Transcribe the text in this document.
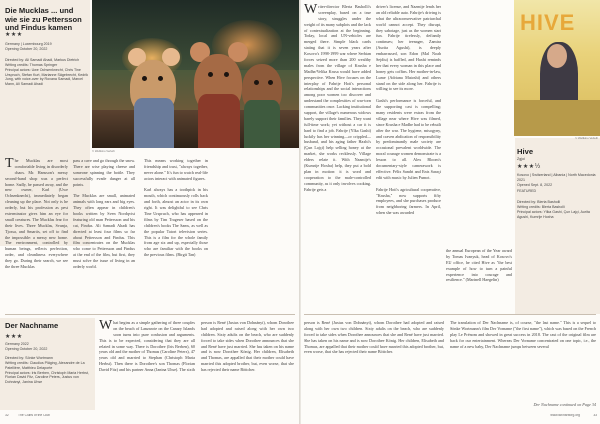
Die Mucklas ... und wie sie zu Pettersson und Findus kamen
★★★
Germany | Luxembourg 2019
Opening October 20, 2022
Directed by: Ali Samadi Ahadi, Markus Dietrich
Writing credits: Thomas Springer
Principal actors: Uwe Ochsenknecht, Chris Tine Urspruch, Stefan Kurt, Marianne Sägebrecht, Kedrik Jung, with voice-over by Roxana Samadi, Marcel Mann, Ali Samadi Ahadi
© Weltkino Verleih
The Mucklas are most comfortable living in disorderly chaos. Mr. Hansson's messy second-hand shop was a perfect home. Sadly, he passed away, and the new owner, Karl (Uwe Ochsenknecht), immediately began cleaning up the place. Not only is he orderly, but his profession as pest exterminator gives him an eye for small creatures. The Mucklas fear for their lives. Three Mucklas, Svunja, Tjossa, and Smartis, set off to find the impossible: a messy new home. The environment, controlled by human beings, reflects perfection, order, and cleanliness everywhere they go. During their search, we see the three Mucklas
pass a cave and go through the snow. There are wise playing cheese and someone spinning the bottle. They successfully evade danger at all points.

The Mucklas are small, animated animals with long ears and big eyes. They often appear in children's books written by Sven Nordqvist featuring old man Pettersson and his cat, Findus. Ali Samadi Ahadi has directed at least four films so far about Pettersson and Findus. This film concentrates on the Mucklas who come to Pettersson and Findus at the end of the film, but first, they must solve the issue of living in an orderly world.
This means working together in friendship and trust, "always together, never alone." It's fun to watch real-life actors interact with animated figures.

Karl always has a toothpick in his mouth, which continuously rolls back and forth, almost an actor in its own right. It was delightful to see Chris Tine Urspruch, who has appeared in films by Tim Trageser based on the children's books The Sams, as well as the popular Tatort television series. This is a film for the whole family from age six and up, especially those who are familiar with the books on the previous films. (Birgit Tan)
Der Nachname
★★★
Germany 2022
Opening October 20, 2022
Directed by: Sönke Wortmann
Writing credits: Claudius Pläging, Alexandre de La Patellière, Matthieu Delaporte
Principal actors: Iris Berben, Christoph Maria Herbst, Florian David Fitz, Caroline Peters, Justus von Dohnányi, Janina Uhse
What begins as a simple gathering of three couples on the beach of Lanzarote on the Canary Islands soon turns into pure confusion and arguments. This is to be expected, considering that they are all related in some way. There is Dorothee (Iris Berben), 60 years old and the mother of Thomas (Caroline Peters), 47 years old and married to Stephan (Christoph Maria Herbst). Then there is Dorothee's son Thomas (Florian David Fitz) and his partner Anna (Janina Uhse). The sixth
person is René (Justus von Dohnányi), whom Dorothee had adopted and raised along with her own two children. Sixty adults on the beach, who are suddenly forced to take sides when Dorothee announces that she and René have just married. She has taken on his name and is now Dorothee König. Her children, Elisabeth and Thomas, are appalled that their mother could have married this adopted brother, but, even worse, that she has rejected their name Böttcher.
32	The Clubs of the Club
Writer-director Blerta Basholli's screenplay, based on a true story, struggles under the weight of its many subplots and the lack of contextualization at the beginning. Today, local and UN-vehicles are merged there. Simple black cards stating that it is seven years after Kosovo's 1998-1999 war where Serbian forces seized more than 200 wealthy males from the village of Krusha e Madhe/Velika Krusa would have added perspective. When Hive focuses on the interplay of Fahrije Hoti's personal relationships and the social interactions among poor women too discover and understand the complexities of war-torn communities once. Lacking institutional support, the village's numerous widows barely support their families. They want full-time work; yet without a car it is hard to find a job. Fahrije (Ylka Gashi) luckily has her winning—or crippled—husband, and his aging father Haxhi's (Çun Lajçi) help selling honey at the market, she works recklessly. Village elders relate it. With Nazmije's (Kumrije Hoxha) help, they put a bold plan in motion: it is word and cooperation to the male-controlled community, as it only involves cooking. Fahrije gets a
driver's license, and Nazmije lends her an old reliable auto. Fahrije's driving is what the ultraconservative patriarchal world cannot accept. They disrupt, they sabotage, just as the women start fun. Fahrije tirelessly, defiantly continues; her teenager, Zamira (Aurita Agushi), is deeply embarrassed, son Edon (Mal Noah Sejdiu) is baffled, and Haxhi reminds her that every woman in this place and honey gets coffins. Her mother-in-law, Lume (Adriana Matoshi) and others stand on the side along her. Fahrije is willing to see its more.

Gashi's performance is forceful, and the supporting cast is compelling; many residents were extras from the village near where Hive was filmed, since Krusha e Madhe had to be rebuilt after the war. The hygiene, misogyny, and craven abdication of responsibility by predominantly male society are occasional prevalent worldwide. The moral courage women demonstrate is a lesson to all. Alex Bloom's documentary-style camerawork is effective. Félix Sandri and Enis Saraçi edit with music by Julien Pumot.

Fahrije Hoti's agricultural cooperative, "Krusha," now supports fifty employees, and she purchases produce from neighboring farmers. In April, when she was awarded
HIVE
© Weltkino Verleih
Hive
Zgjoi
★★★½
Kosovo | Switzerland | Albania | North Macedonia 2021
Opened Sept. 8, 2022
FEATURED
Directed by: Blerta Basholli
Writing credits: Blerta Basholli
Principal actors: Yllka Gashi, Çun Lajçi, Aurita Agushi, Kumrije Hoxha
the annual European of the Year award by Tomas Ivanyuk, head of Kosovo's EU office, he cited Hive as "the best example of how to turn a painful experience into courage and resilience." (Marinell Haegelin)
person is René (Justus von Dohnányi), whom Dorothee had adopted and raised along with her own two children. Sixty adults on the beach, who are suddenly forced to take sides when Dorothee announces that she and René have just married. She has taken on his name and is now Dorothee König. Her children, Elisabeth and Thomas, are appalled that their mother could have married this adopted brother, but, even worse, that she has rejected their name Böttcher.
The translation of Der Nachname is, of course, "the last name." This is a sequel to Sönke Wortmann's film Der Vorname ("the first name"), which was based on the French play Le Prénom and showed in great success in 2018. The cast of the original film are back for our entertainment. Whereas Der Vorname concentrated on one topic, i.e., the name of a new baby, Der Nachname jumps between several
Der Nachname continued on Page 34
www.iwcharborg.org	33
